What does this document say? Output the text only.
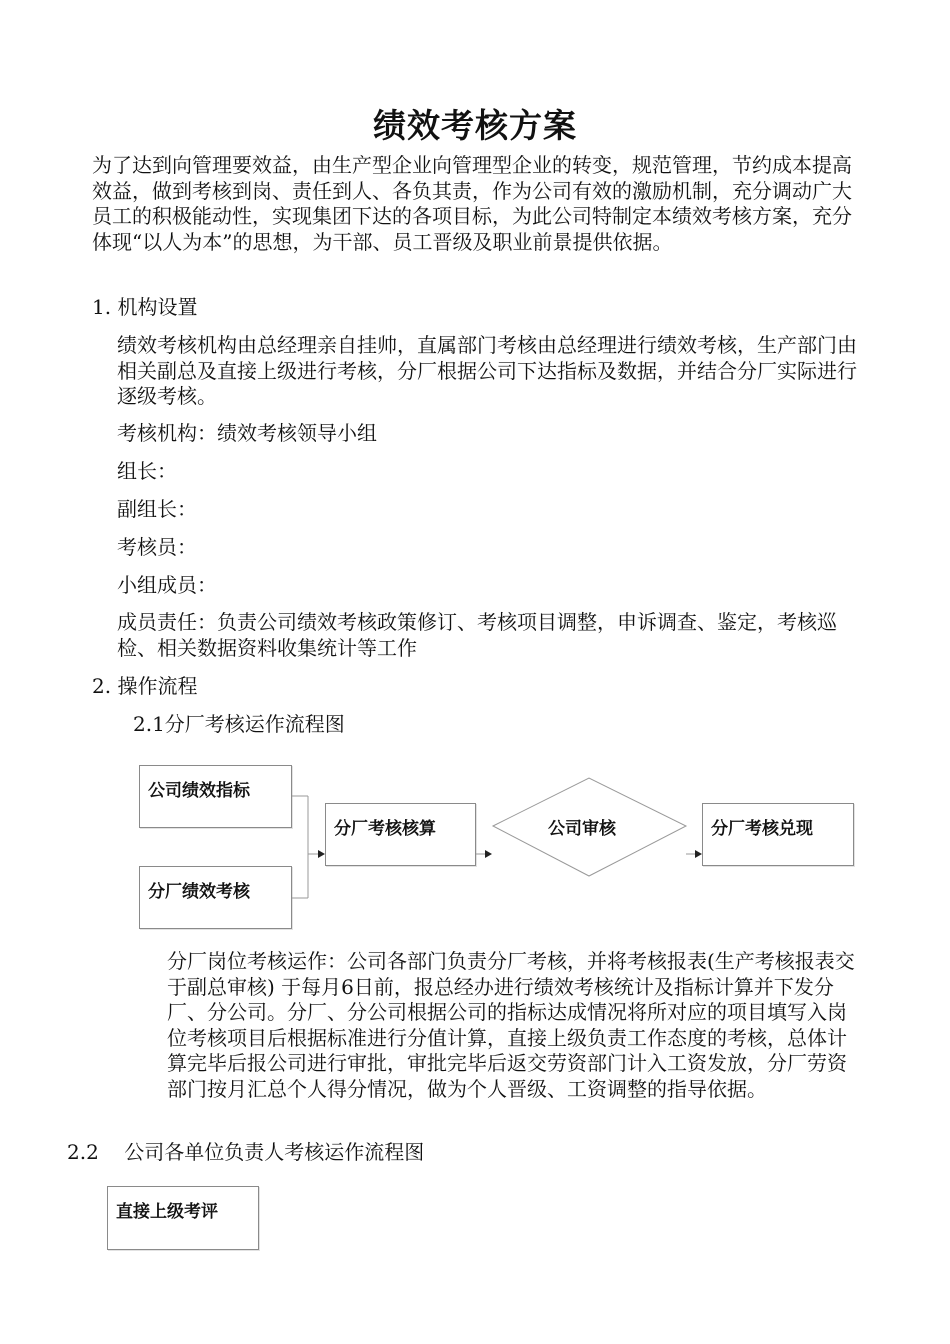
绩效考核方案
为了达到向管理要效益，由生产型企业向管理型企业的转变，规范管理，节约成本提高效益，做到考核到岗、责任到人、各负其责，作为公司有效的激励机制，充分调动广大员工的积极能动性，实现集团下达的各项目标，为此公司特制定本绩效考核方案，充分体现“以人为本”的思想，为干部、员工晋级及职业前景提供依据。
1. 机构设置
绩效考核机构由总经理亲自挂帅，直属部门考核由总经理进行绩效考核，生产部门由相关副总及直接上级进行考核，分厂根据公司下达指标及数据，并结合分厂实际进行逐级考核。
考核机构：绩效考核领导小组
组长：
副组长：
考核员：
小组成员：
成员责任：负责公司绩效考核政策修订、考核项目调整，申诉调查、鉴定，考核巡检、相关数据资料收集统计等工作
2. 操作流程
2.1分厂考核运作流程图
公司绩效指标
分厂绩效考核
分厂考核核算	分厂考核兑现
公司审核
分厂岗位考核运作：公司各部门负责分厂考核，并将考核报表(生产考核报表交于副总审核) 于每月6日前，报总经办进行绩效考核统计及指标计算并下发分厂、分公司。分厂、分公司根据公司的指标达成情况将所对应的项目填写入岗位考核项目后根据标准进行分值计算，直接上级负责工作态度的考核，总体计算完毕后报公司进行审批，审批完毕后返交劳资部门计入工资发放，分厂劳资部门按月汇总个人得分情况，做为个人晋级、工资调整的指导依据。
2.2    公司各单位负责人考核运作流程图
直接上级考评
